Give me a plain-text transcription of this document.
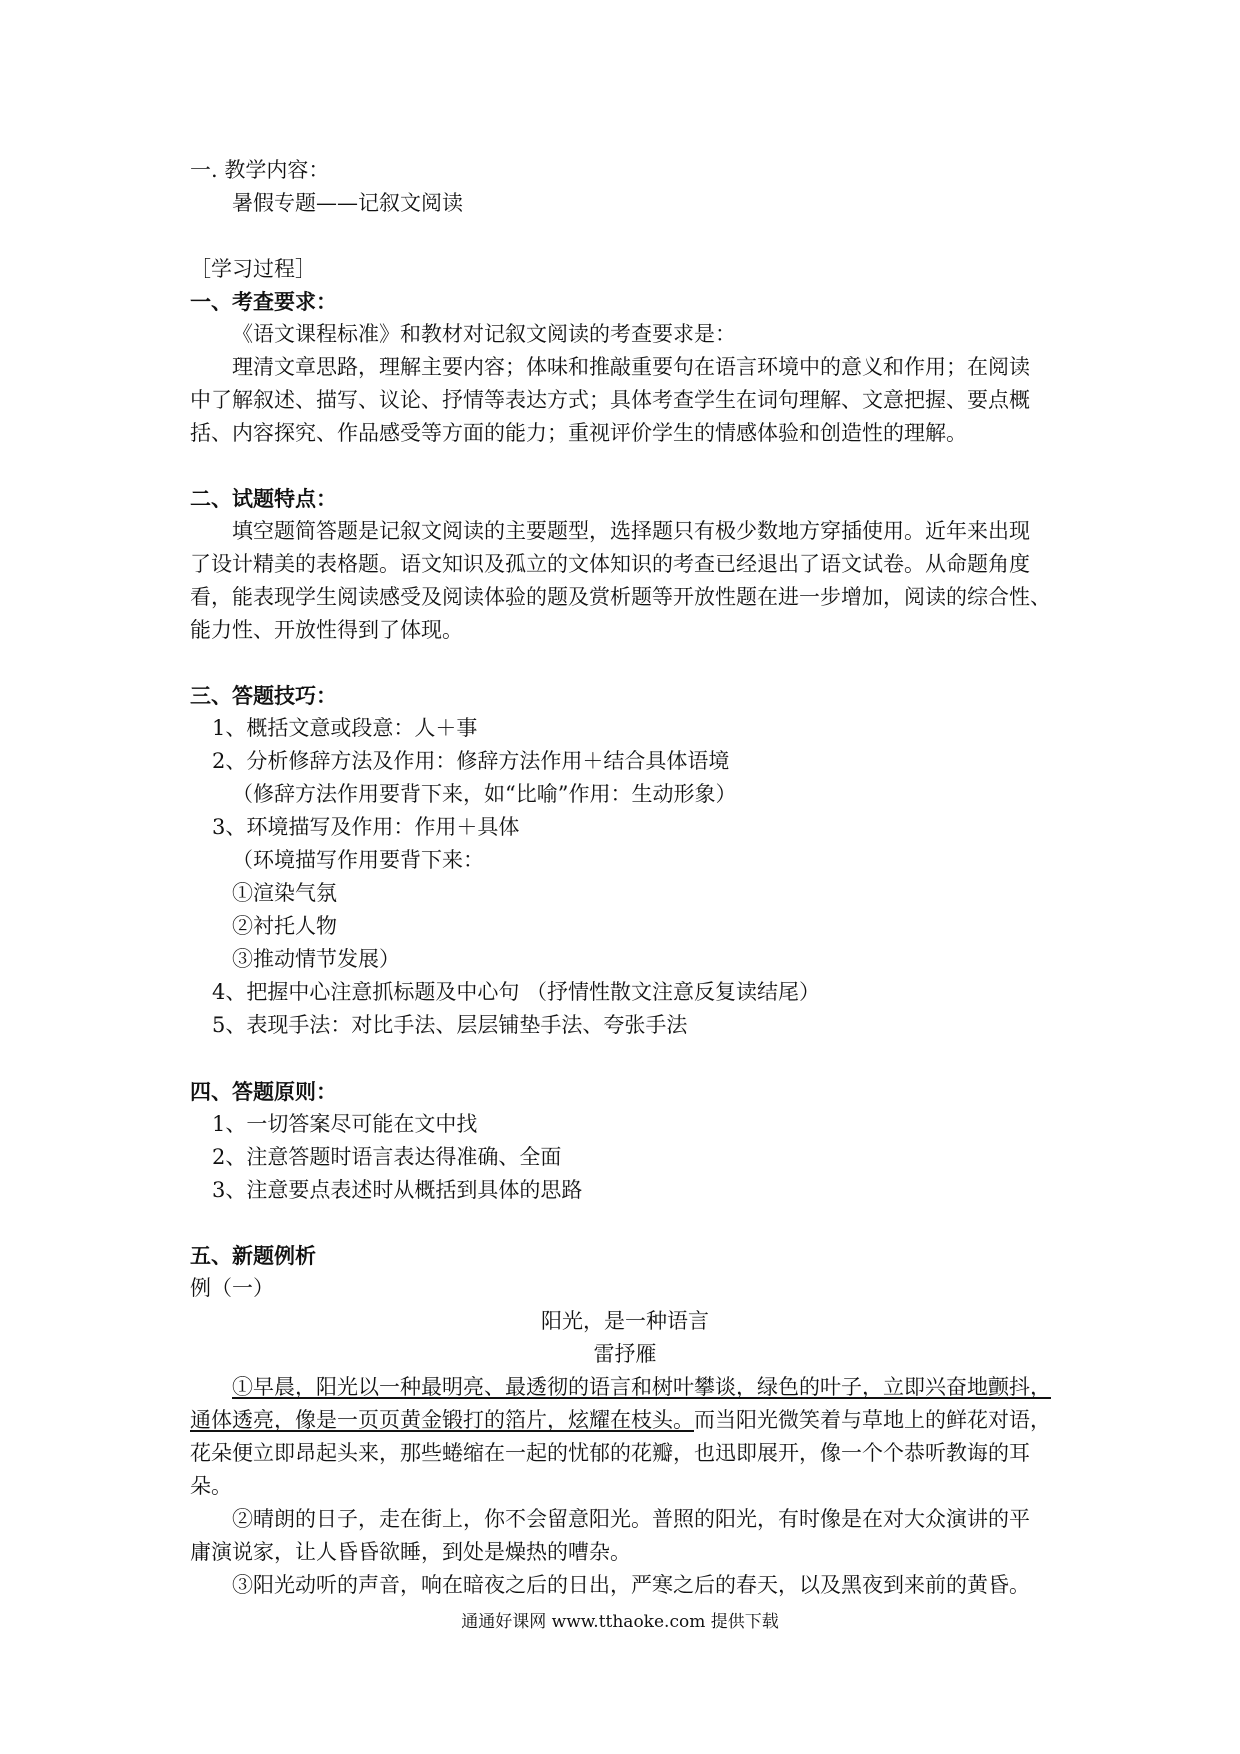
一. 教学内容：
暑假专题——记叙文阅读
［学习过程］
一、考查要求：
《语文课程标准》和教材对记叙文阅读的考查要求是：
理清文章思路，理解主要内容；体味和推敲重要句在语言环境中的意义和作用；在阅读
中了解叙述、描写、议论、抒情等表达方式；具体考查学生在词句理解、文意把握、要点概
括、内容探究、作品感受等方面的能力；重视评价学生的情感体验和创造性的理解。
二、试题特点：
填空题简答题是记叙文阅读的主要题型，选择题只有极少数地方穿插使用。近年来出现
了设计精美的表格题。语文知识及孤立的文体知识的考查已经退出了语文试卷。从命题角度
看，能表现学生阅读感受及阅读体验的题及赏析题等开放性题在进一步增加，阅读的综合性、
能力性、开放性得到了体现。
三、答题技巧：
1、概括文意或段意：人＋事
2、分析修辞方法及作用：修辞方法作用＋结合具体语境
（修辞方法作用要背下来，如“比喻”作用：生动形象）
3、环境描写及作用：作用＋具体
（环境描写作用要背下来：
①渲染气氛
②衬托人物
③推动情节发展）
4、把握中心注意抓标题及中心句 （抒情性散文注意反复读结尾）
5、表现手法：对比手法、层层铺垫手法、夸张手法
四、答题原则：
1、一切答案尽可能在文中找
2、注意答题时语言表达得准确、全面
3、注意要点表述时从概括到具体的思路
五、新题例析
例（一）
阳光，是一种语言
雷抒雁
①早晨，阳光以一种最明亮、最透彻的语言和树叶攀谈，绿色的叶子，立即兴奋地颤抖，
通体透亮，像是一页页黄金锻打的箔片，炫耀在枝头。而当阳光微笑着与草地上的鲜花对语，
花朵便立即昂起头来，那些蜷缩在一起的忧郁的花瓣，也迅即展开，像一个个恭听教诲的耳
朵。
②晴朗的日子，走在街上，你不会留意阳光。普照的阳光，有时像是在对大众演讲的平
庸演说家，让人昏昏欲睡，到处是燥热的嘈杂。
③阳光动听的声音，响在暗夜之后的日出，严寒之后的春天，以及黑夜到来前的黄昏。
通通好课网 www.tthaoke.com 提供下载
